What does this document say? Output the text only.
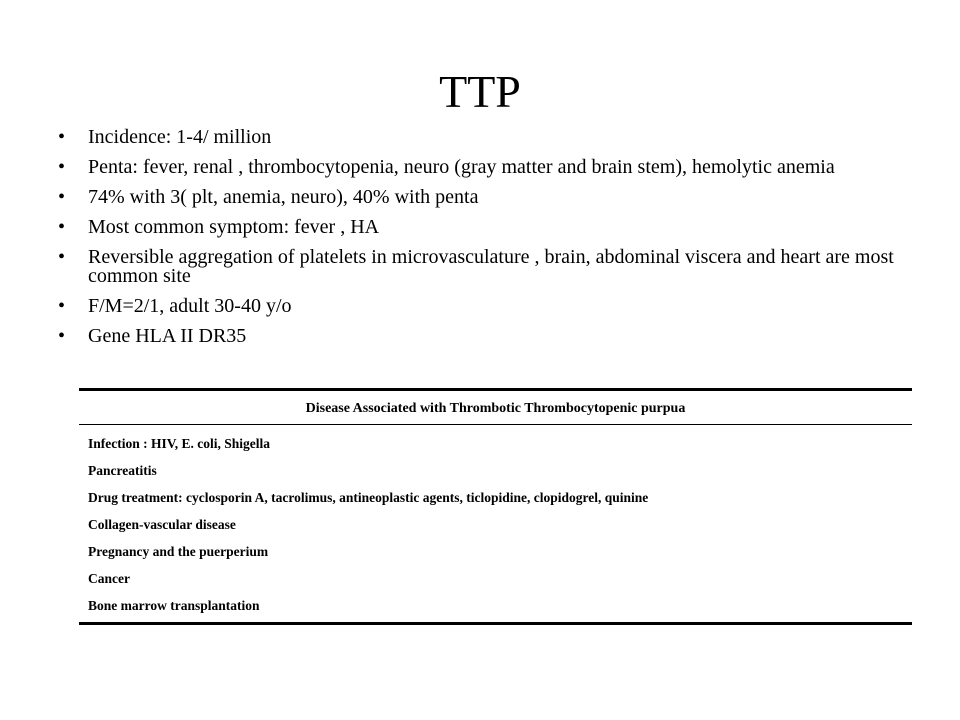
TTP
• Incidence: 1-4/ million
• Penta: fever, renal , thrombocytopenia, neuro (gray matter and brain stem), hemolytic anemia
• 74% with 3( plt, anemia, neuro), 40% with penta
• Most common symptom: fever , HA
• Reversible aggregation of platelets in microvasculature , brain, abdominal viscera and heart are most common site
• F/M=2/1, adult 30-40 y/o
• Gene HLA II DR35
Disease Associated with Thrombotic Thrombocytopenic purpua
Infection : HIV, E. coli, Shigella
Pancreatitis
Drug treatment: cyclosporin A, tacrolimus, antineoplastic agents, ticlopidine, clopidogrel, quinine
Collagen-vascular disease
Pregnancy and the puerperium
Cancer
Bone marrow transplantation
